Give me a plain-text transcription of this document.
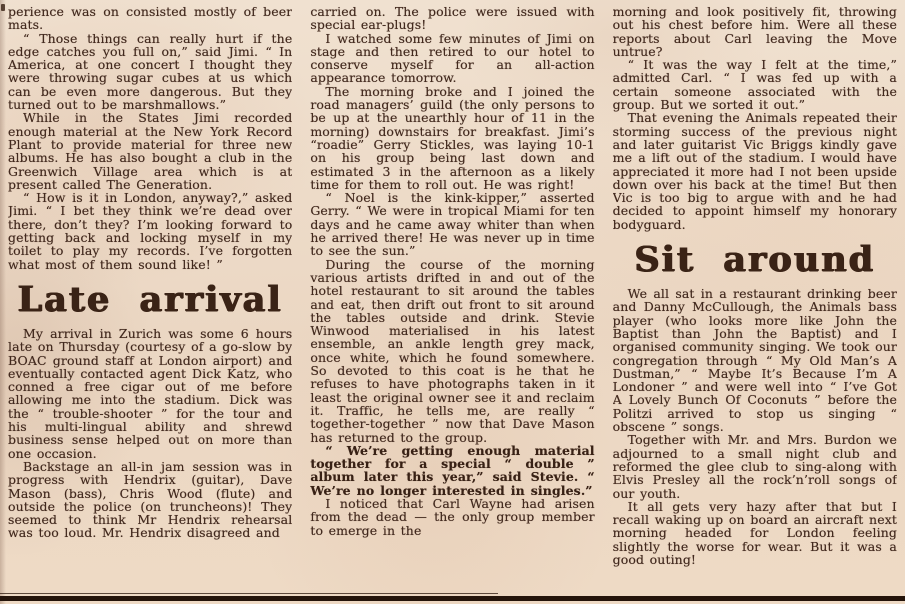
perience was on consisted mostly of beer mats.

“ Those things can really hurt if the edge catches you full on,” said Jimi. “ In America, at one concert I thought they were throwing sugar cubes at us which can be even more dangerous. But they turned out to be marshmallows.”

While in the States Jimi recorded enough material at the New York Record Plant to provide material for three new albums. He has also bought a club in the Greenwich Village area which is at present called The Generation.

“ How is it in London, anyway?,” asked Jimi. “ I bet they think we’re dead over there, don’t they? I’m looking forward to getting back and locking myself in my toilet to play my records. I’ve forgotten what most of them sound like! ”

Late arrival

My arrival in Zurich was some 6 hours late on Thursday (courtesy of a go-slow by BOAC ground staff at London airport) and eventually contacted agent Dick Katz, who conned a free cigar out of me before allowing me into the stadium. Dick was the “ trouble-shooter ” for the tour and his multi-lingual ability and shrewd business sense helped out on more than one occasion.

Backstage an all-in jam session was in progress with Hendrix (guitar), Dave Mason (bass), Chris Wood (flute) and outside the police (on truncheons)! They seemed to think Mr Hendrix rehearsal was too loud. Mr. Hendrix disagreed and

carried on. The police were issued with special ear-plugs!

I watched some few minutes of Jimi on stage and then retired to our hotel to conserve myself for an all-action appearance tomorrow.

The morning broke and I joined the road managers’ guild (the only persons to be up at the unearthly hour of 11 in the morning) downstairs for breakfast. Jimi’s “roadie” Gerry Stickles, was laying 10-1 on his group being last down and estimated 3 in the afternoon as a likely time for them to roll out. He was right!

“ Noel is the kink-kipper,” asserted Gerry. “ We were in tropical Miami for ten days and he came away whiter than when he arrived there! He was never up in time to see the sun.”

During the course of the morning various artists drifted in and out of the hotel restaurant to sit around the tables and eat, then drift out front to sit around the tables outside and drink. Stevie Winwood materialised in his latest ensemble, an ankle length grey mack, once white, which he found somewhere. So devoted to this coat is he that he refuses to have photographs taken in it least the original owner see it and reclaim it. Traffic, he tells me, are really “ together-together ” now that Dave Mason has returned to the group.

“ We’re getting enough material together for a special “ double ” album later this year,” said Stevie. “ We’re no longer interested in singles.”

I noticed that Carl Wayne had arisen from the dead — the only group member to emerge in the

morning and look positively fit, throwing out his chest before him. Were all these reports about Carl leaving the Move untrue?

“ It was the way I felt at the time,” admitted Carl. “ I was fed up with a certain someone associated with the group. But we sorted it out.”

That evening the Animals repeated their storming success of the previous night and later guitarist Vic Briggs kindly gave me a lift out of the stadium. I would have appreciated it more had I not been upside down over his back at the time! But then Vic is too big to argue with and he had decided to appoint himself my honorary bodyguard.

Sit around

We all sat in a restaurant drinking beer and Danny McCullough, the Animals bass player (who looks more like John the Baptist than John the Baptist) and I organised community singing. We took our congregation through “ My Old Man’s A Dustman,” “ Maybe It’s Because I’m A Londoner ” and were well into “ I’ve Got A Lovely Bunch Of Coconuts ” before the Politzi arrived to stop us singing “ obscene ” songs.

Together with Mr. and Mrs. Burdon we adjourned to a small night club and reformed the glee club to sing-along with Elvis Presley all the rock’n’roll songs of our youth.

It all gets very hazy after that but I recall waking up on board an aircraft next morning headed for London feeling slightly the worse for wear. But it was a good outing!
